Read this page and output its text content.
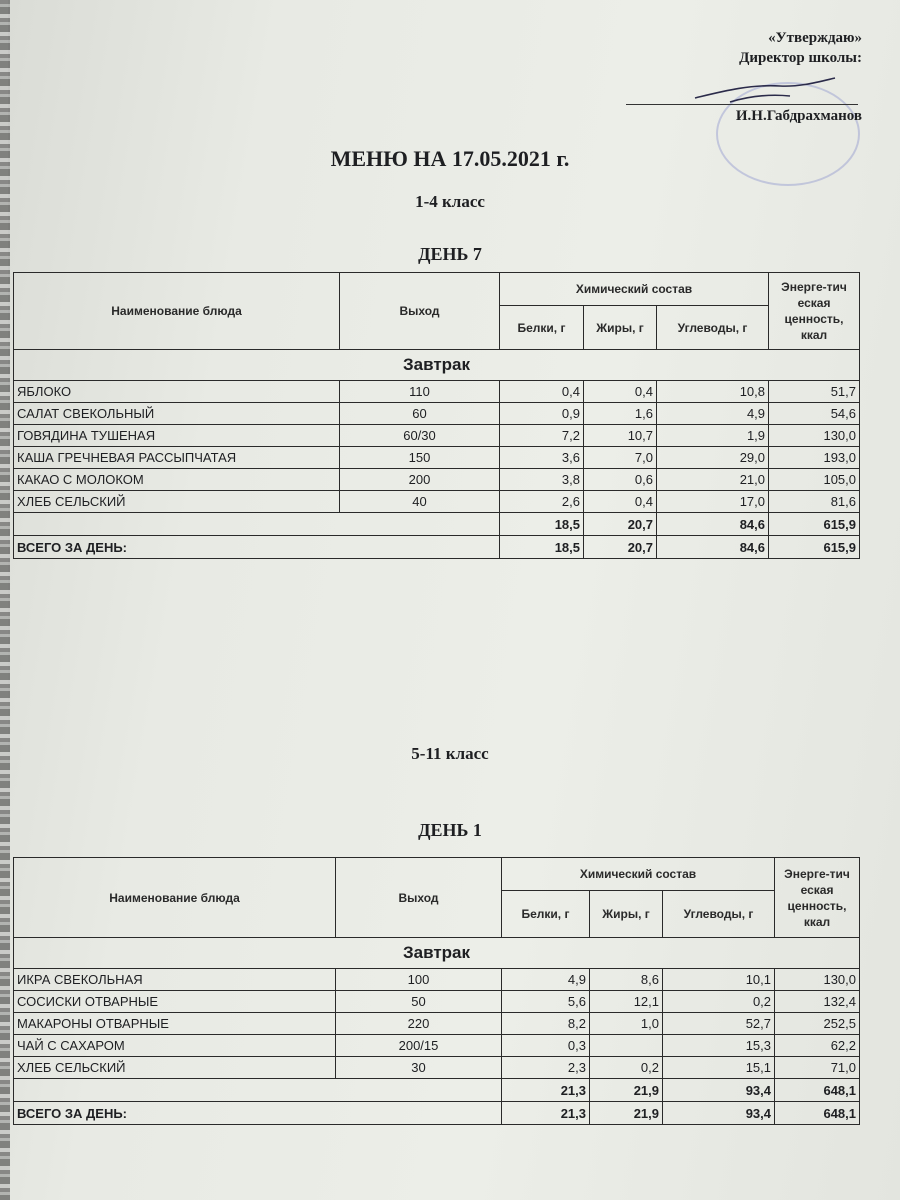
«Утверждаю»
Директор школы:
И.Н.Габдрахманов
МЕНЮ НА 17.05.2021 г.
1-4 класс
ДЕНЬ 7
Наименование блюда	Выход	Химический состав			Энерге-тич еская ценность, ккал
		Белки, г	Жиры, г	Углеводы, г	
Завтрак					
ЯБЛОКО	110	0,4	0,4	10,8	51,7
САЛАТ СВЕКОЛЬНЫЙ	60	0,9	1,6	4,9	54,6
ГОВЯДИНА ТУШЕНАЯ	60/30	7,2	10,7	1,9	130,0
КАША ГРЕЧНЕВАЯ РАССЫПЧАТАЯ	150	3,6	7,0	29,0	193,0
КАКАО С МОЛОКОМ	200	3,8	0,6	21,0	105,0
ХЛЕБ СЕЛЬСКИЙ	40	2,6	0,4	17,0	81,6
		18,5	20,7	84,6	615,9
ВСЕГО ЗА ДЕНЬ:		18,5	20,7	84,6	615,9
5-11 класс
ДЕНЬ 1
Наименование блюда	Выход	Химический состав			Энерге-тич еская ценность, ккал
		Белки, г	Жиры, г	Углеводы, г	
Завтрак					
ИКРА СВЕКОЛЬНАЯ	100	4,9	8,6	10,1	130,0
СОСИСКИ ОТВАРНЫЕ	50	5,6	12,1	0,2	132,4
МАКАРОНЫ ОТВАРНЫЕ	220	8,2	1,0	52,7	252,5
ЧАЙ С САХАРОМ	200/15	0,3		15,3	62,2
ХЛЕБ СЕЛЬСКИЙ	30	2,3	0,2	15,1	71,0
		21,3	21,9	93,4	648,1
ВСЕГО ЗА ДЕНЬ:		21,3	21,9	93,4	648,1
